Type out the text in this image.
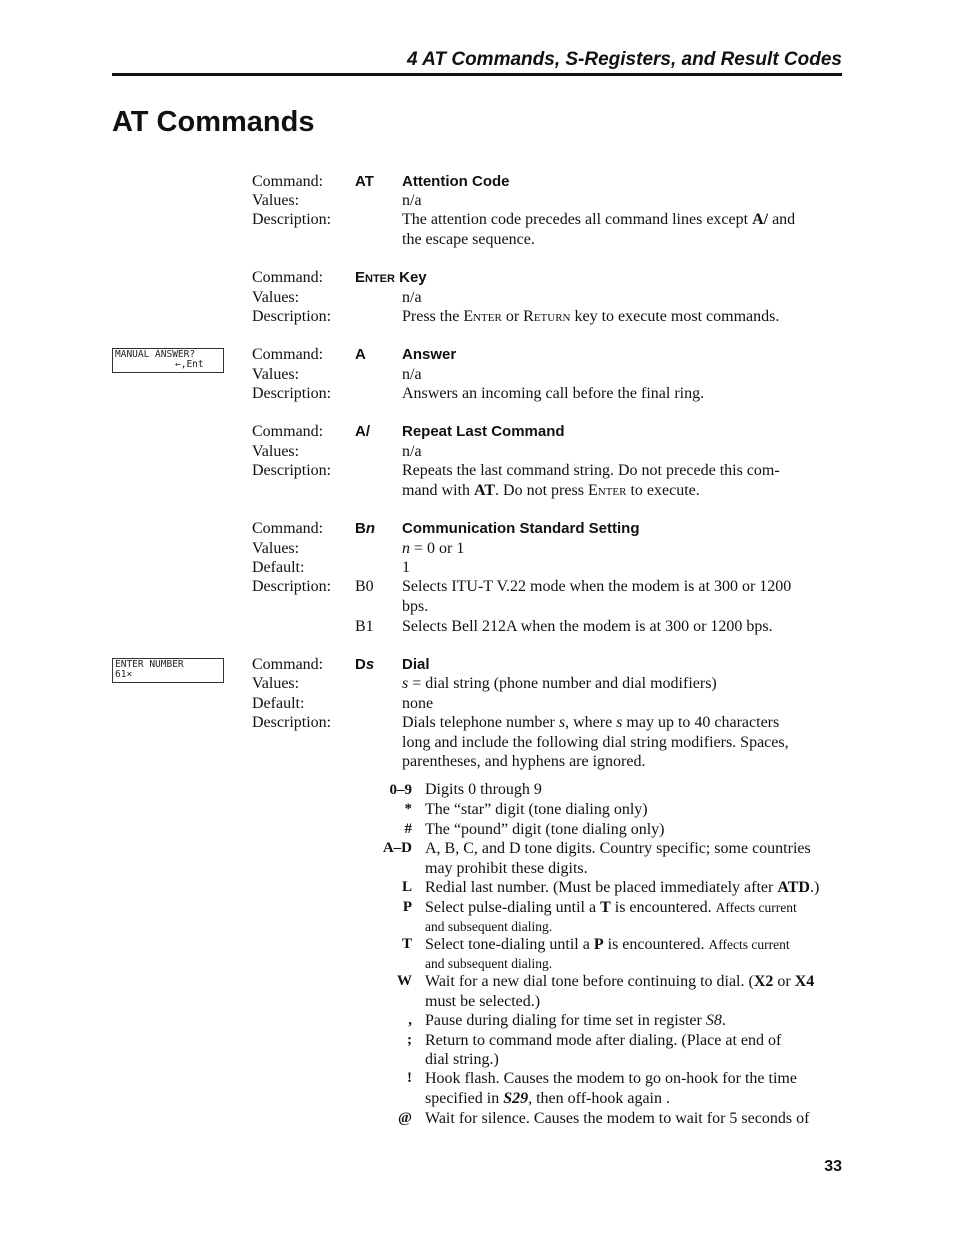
4 AT Commands, S-Registers, and Result Codes
AT Commands
Command: AT Attention Code
Values:	n/a
Description:	The attention code precedes all command lines except A/ and
the escape sequence.
Command: Enter Key
Values:	n/a
Description:	Press the Enter or Return key to execute most commands.
MANUAL ANSWER?
←,Ent
Command: A Answer
Values:	n/a
Description:	Answers an incoming call before the final ring.
Command: A/ Repeat Last Command
Values:	n/a
Description:	Repeats the last command string. Do not precede this com-
mand with AT. Do not press Enter to execute.
Command: Bn Communication Standard Setting
Values:	n = 0 or 1
Default:	1
Description: B0 Selects ITU-T V.22 mode when the modem is at 300 or 1200
bps.
B1 Selects Bell 212A when the modem is at 300 or 1200 bps.
ENTER NUMBER
61×
Command: Ds Dial
Values:	s = dial string (phone number and dial modifiers)
Default:	none
Description:	Dials telephone number s, where s may up to 40 characters
long and include the following dial string modifiers. Spaces,
parentheses, and hyphens are ignored.
0–9 Digits 0 through 9
* The “star” digit (tone dialing only)
# The “pound” digit (tone dialing only)
A–D A, B, C, and D tone digits. Country specific; some countries
may prohibit these digits.
L Redial last number. (Must be placed immediately after ATD.)
P Select pulse-dialing until a T is encountered. Affects current
and subsequent dialing.
T Select tone-dialing until a P is encountered. Affects current
and subsequent dialing.
W Wait for a new dial tone before continuing to dial. (X2 or X4
must be selected.)
, Pause during dialing for time set in register S8.
; Return to command mode after dialing. (Place at end of
dial string.)
! Hook flash. Causes the modem to go on-hook for the time
specified in S29, then off-hook again .
@ Wait for silence. Causes the modem to wait for 5 seconds of
33
